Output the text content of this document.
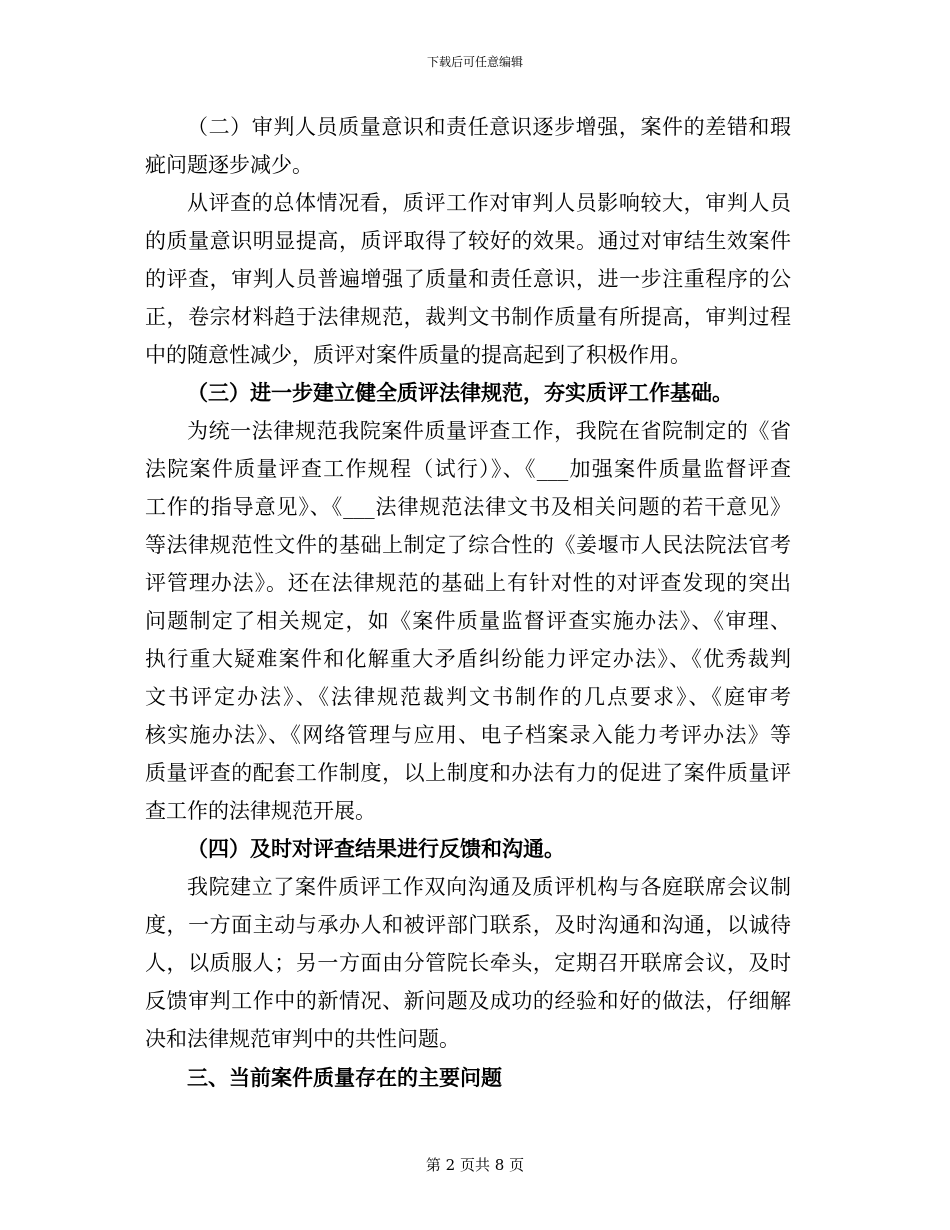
下载后可任意编辑
（二）审判人员质量意识和责任意识逐步增强，案件的差错和瑕
疵问题逐步减少。
从评查的总体情况看，质评工作对审判人员影响较大，审判人员
的质量意识明显提高，质评取得了较好的效果。通过对审结生效案件
的评查，审判人员普遍增强了质量和责任意识，进一步注重程序的公
正，卷宗材料趋于法律规范，裁判文书制作质量有所提高，审判过程
中的随意性减少，质评对案件质量的提高起到了积极作用。
（三）进一步建立健全质评法律规范，夯实质评工作基础。
为统一法律规范我院案件质量评查工作，我院在省院制定的《省
法院案件质量评查工作规程（试行）》、《___加强案件质量监督评查
工作的指导意见》、《___法律规范法律文书及相关问题的若干意见》
等法律规范性文件的基础上制定了综合性的《姜堰市人民法院法官考
评管理办法》。还在法律规范的基础上有针对性的对评查发现的突出
问题制定了相关规定，如《案件质量监督评查实施办法》、《审理、
执行重大疑难案件和化解重大矛盾纠纷能力评定办法》、《优秀裁判
文书评定办法》、《法律规范裁判文书制作的几点要求》、《庭审考
核实施办法》、《网络管理与应用、电子档案录入能力考评办法》等
质量评查的配套工作制度，以上制度和办法有力的促进了案件质量评
查工作的法律规范开展。
（四）及时对评查结果进行反馈和沟通。
我院建立了案件质评工作双向沟通及质评机构与各庭联席会议制
度，一方面主动与承办人和被评部门联系，及时沟通和沟通，以诚待
人，以质服人；另一方面由分管院长牵头，定期召开联席会议，及时
反馈审判工作中的新情况、新问题及成功的经验和好的做法，仔细解
决和法律规范审判中的共性问题。
三、当前案件质量存在的主要问题
第 2 页共 8 页
